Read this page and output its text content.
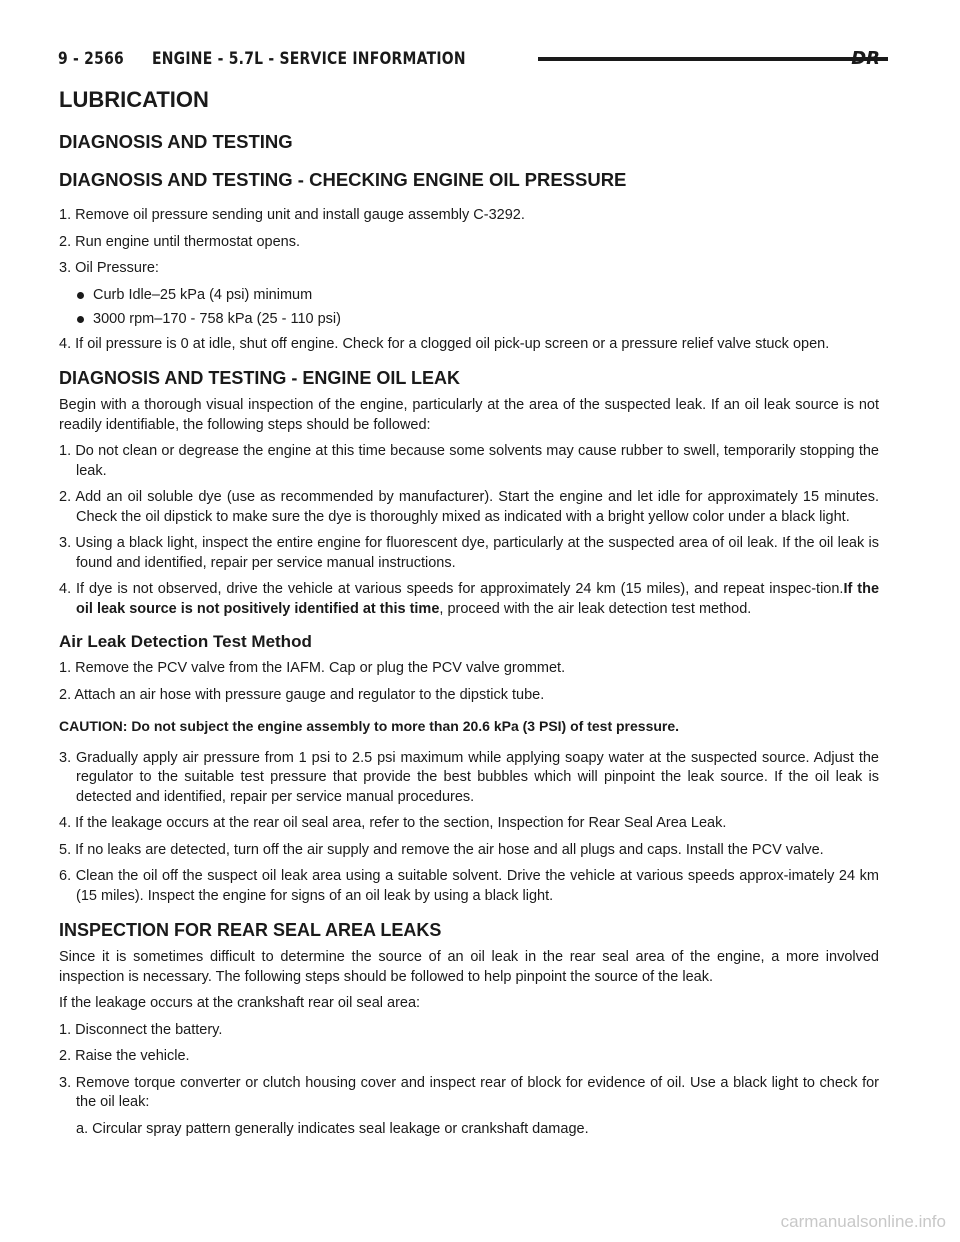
9 - 2566 ENGINE - 5.7L - SERVICE INFORMATION	DR
LUBRICATION
DIAGNOSIS AND TESTING
DIAGNOSIS AND TESTING - CHECKING ENGINE OIL PRESSURE
1. Remove oil pressure sending unit and install gauge assembly C-3292.
2. Run engine until thermostat opens.
3. Oil Pressure:
Curb Idle–25 kPa (4 psi) minimum
3000 rpm–170 - 758 kPa (25 - 110 psi)
4. If oil pressure is 0 at idle, shut off engine. Check for a clogged oil pick-up screen or a pressure relief valve stuck open.
DIAGNOSIS AND TESTING - ENGINE OIL LEAK

Begin with a thorough visual inspection of the engine, particularly at the area of the suspected leak. If an oil leak source is not readily identifiable, the following steps should be followed:

1. Do not clean or degrease the engine at this time because some solvents may cause rubber to swell, temporarily stopping the leak.
2. Add an oil soluble dye (use as recommended by manufacturer). Start the engine and let idle for approximately 15 minutes. Check the oil dipstick to make sure the dye is thoroughly mixed as indicated with a bright yellow color under a black light.
3. Using a black light, inspect the entire engine for fluorescent dye, particularly at the suspected area of oil leak. If the oil leak is found and identified, repair per service manual instructions.
4. If dye is not observed, drive the vehicle at various speeds for approximately 24 km (15 miles), and repeat inspec-tion.If the oil leak source is not positively identified at this time, proceed with the air leak detection test method.
Air Leak Detection Test Method
1. Remove the PCV valve from the IAFM. Cap or plug the PCV valve grommet.
2. Attach an air hose with pressure gauge and regulator to the dipstick tube.
CAUTION: Do not subject the engine assembly to more than 20.6 kPa (3 PSI) of test pressure.
3. Gradually apply air pressure from 1 psi to 2.5 psi maximum while applying soapy water at the suspected source. Adjust the regulator to the suitable test pressure that provide the best bubbles which will pinpoint the leak source. If the oil leak is detected and identified, repair per service manual procedures.
4. If the leakage occurs at the rear oil seal area, refer to the section, Inspection for Rear Seal Area Leak.
5. If no leaks are detected, turn off the air supply and remove the air hose and all plugs and caps. Install the PCV valve.
6. Clean the oil off the suspect oil leak area using a suitable solvent. Drive the vehicle at various speeds approx-imately 24 km (15 miles). Inspect the engine for signs of an oil leak by using a black light.
INSPECTION FOR REAR SEAL AREA LEAKS

Since it is sometimes difficult to determine the source of an oil leak in the rear seal area of the engine, a more involved inspection is necessary. The following steps should be followed to help pinpoint the source of the leak.

If the leakage occurs at the crankshaft rear oil seal area:

1. Disconnect the battery.
2. Raise the vehicle.
3. Remove torque converter or clutch housing cover and inspect rear of block for evidence of oil. Use a black light to check for the oil leak:
a. Circular spray pattern generally indicates seal leakage or crankshaft damage.
carmanualsonline.info
